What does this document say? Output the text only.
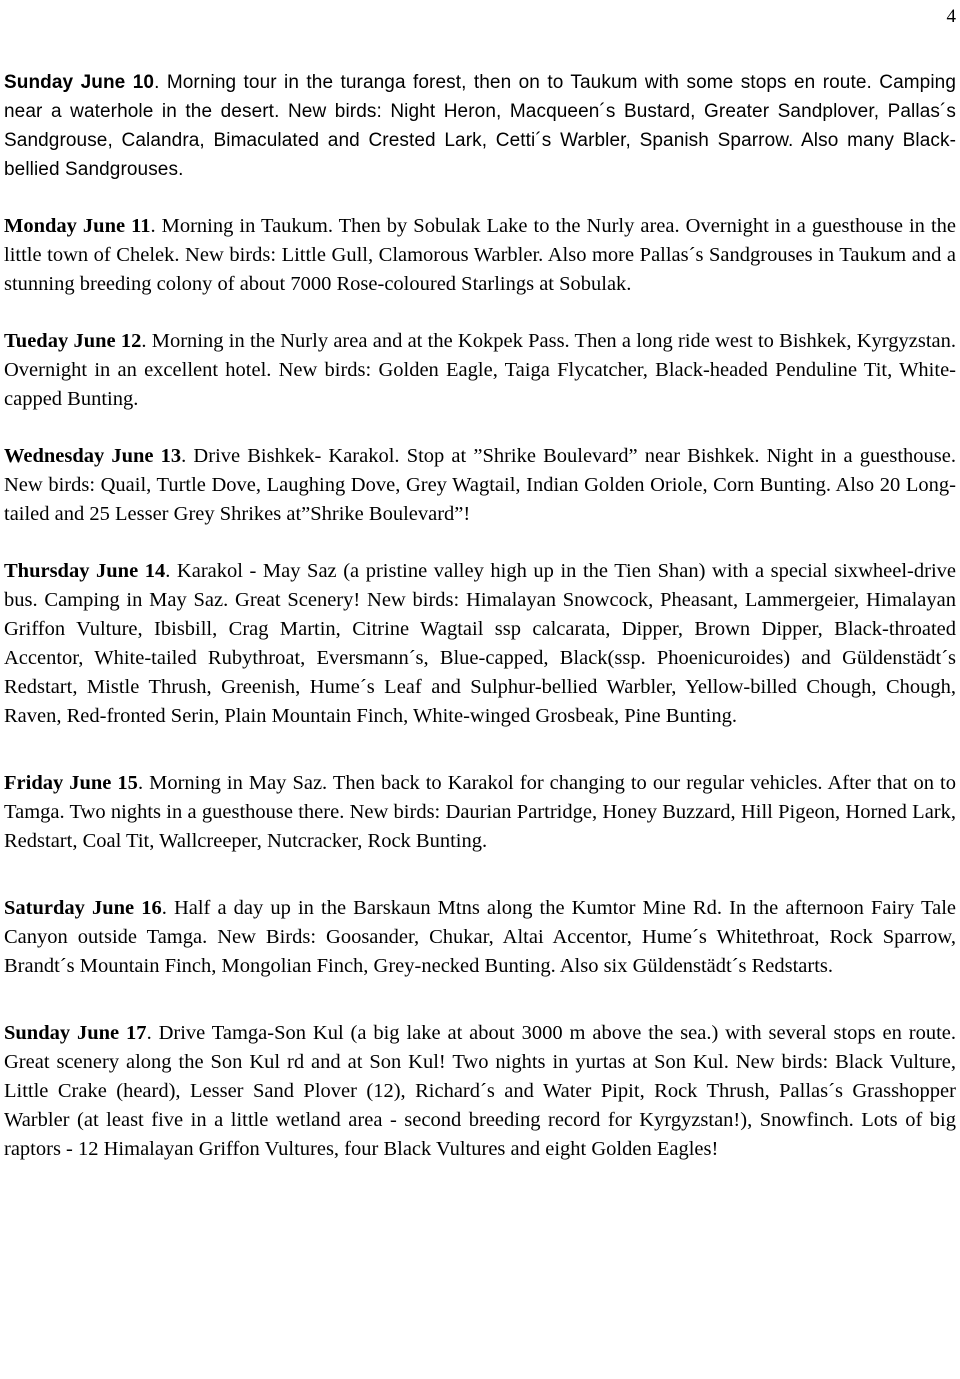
4

Sunday June 10. Morning tour in the turanga forest, then on to Taukum with some stops en route. Camping near a waterhole in the desert. New birds: Night Heron, Macqueen´s Bustard, Greater Sandplover, Pallas´s Sandgrouse, Calandra, Bimaculated and Crested Lark, Cetti´s Warbler, Spanish Sparrow. Also many Black-bellied Sandgrouses.

Monday June 11. Morning in Taukum. Then by Sobulak Lake to the Nurly area. Overnight in a guesthouse in the little town of Chelek. New birds: Little Gull, Clamorous Warbler. Also more Pallas´s Sandgrouses in Taukum and a stunning breeding colony of about 7000 Rose-coloured Starlings at Sobulak.

Tueday June 12. Morning in the Nurly area and at the Kokpek Pass. Then a long ride west to Bishkek, Kyrgyzstan. Overnight in an excellent hotel. New birds: Golden Eagle, Taiga Flycatcher, Black-headed Penduline Tit, White-capped Bunting.

Wednesday June 13. Drive Bishkek- Karakol. Stop at ”Shrike Boulevard” near Bishkek. Night in a guesthouse. New birds: Quail, Turtle Dove, Laughing Dove, Grey Wagtail, Indian Golden Oriole, Corn Bunting. Also 20 Long-tailed and 25 Lesser Grey Shrikes at”Shrike Boulevard”!

Thursday June 14. Karakol - May Saz (a pristine valley high up in the Tien Shan) with a special sixwheel-drive bus. Camping in May Saz. Great Scenery! New birds: Himalayan Snowcock, Pheasant, Lammergeier, Himalayan Griffon Vulture, Ibisbill, Crag Martin, Citrine Wagtail ssp calcarata, Dipper, Brown Dipper, Black-throated Accentor, White-tailed Rubythroat, Eversmann´s, Blue-capped, Black(ssp. Phoenicuroides) and Güldenstädt´s Redstart, Mistle Thrush, Greenish, Hume´s Leaf and Sulphur-bellied Warbler, Yellow-billed Chough, Chough, Raven, Red-fronted Serin, Plain Mountain Finch, White-winged Grosbeak, Pine Bunting.

Friday June 15. Morning in May Saz. Then back to Karakol for changing to our regular vehicles. After that on to Tamga. Two nights in a guesthouse there. New birds: Daurian Partridge, Honey Buzzard, Hill Pigeon, Horned Lark, Redstart, Coal Tit, Wallcreeper, Nutcracker, Rock Bunting.

Saturday June 16. Half a day up in the Barskaun Mtns along the Kumtor Mine Rd. In the afternoon Fairy Tale Canyon outside Tamga. New Birds: Goosander, Chukar, Altai Accentor, Hume´s Whitethroat, Rock Sparrow, Brandt´s Mountain Finch, Mongolian Finch, Grey-necked Bunting. Also six Güldenstädt´s Redstarts.

Sunday June 17. Drive Tamga-Son Kul (a big lake at about 3000 m above the sea.) with several stops en route. Great scenery along the Son Kul rd and at Son Kul! Two nights in yurtas at Son Kul. New birds: Black Vulture, Little Crake (heard), Lesser Sand Plover (12), Richard´s and Water Pipit, Rock Thrush, Pallas´s Grasshopper Warbler (at least five in a little wetland area - second breeding record for Kyrgyzstan!), Snowfinch. Lots of big raptors - 12 Himalayan Griffon Vultures, four Black Vultures and eight Golden Eagles!
